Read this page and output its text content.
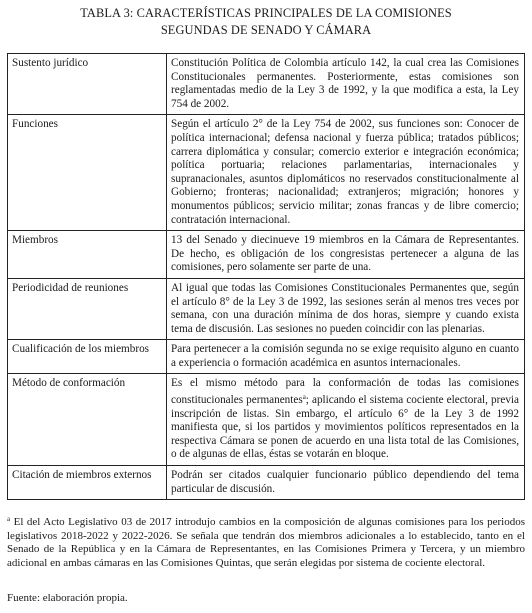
TABLA 3: CARACTERÍSTICAS PRINCIPALES DE LA COMISIONES
SEGUNDAS DE SENADO Y CÁMARA
Sustento jurídico	Constitución Política de Colombia artículo 142, la cual crea las Comisiones Constitucionales permanentes. Posteriormente, estas comisiones son reglamentadas medio de la Ley 3 de 1992, y la que modifica a esta, la Ley 754 de 2002.
Funciones	Según el artículo 2° de la Ley 754 de 2002, sus funciones son: Conocer de política internacional; defensa nacional y fuerza pública; tratados públicos; carrera diplomática y consular; comercio exterior e integración económica; política portuaria; relaciones parlamentarias, internacionales y supranacionales, asuntos diplomáticos no reservados constitucionalmente al Gobierno; fronteras; nacionalidad; extranjeros; migración; honores y monumentos públicos; servicio militar; zonas francas y de libre comercio; contratación internacional.
Miembros	13 del Senado y diecinueve 19 miembros en la Cámara de Representantes. De hecho, es obligación de los congresistas pertenecer a alguna de las comisiones, pero solamente ser parte de una.
Periodicidad de reuniones	Al igual que todas las Comisiones Constitucionales Permanentes que, según el artículo 8° de la Ley 3 de 1992, las sesiones serán al menos tres veces por semana, con una duración mínima de dos horas, siempre y cuando exista tema de discusión. Las sesiones no pueden coincidir con las plenarias.
Cualificación de los miembros	Para pertenecer a la comisión segunda no se exige requisito alguno en cuanto a experiencia o formación académica en asuntos internacionales.
Método de conformación	Es el mismo método para la conformación de todas las comisiones constitucionales permanentes$^a$; aplicando el sistema cociente electoral, previa inscripción de listas. Sin embargo, el artículo 6° de la Ley 3 de 1992 manifiesta que, si los partidos y movimientos políticos representados en la respectiva Cámara se ponen de acuerdo en una lista total de las Comisiones, o de algunas de ellas, éstas se votarán en bloque.
Citación de miembros externos	Podrán ser citados cualquier funcionario público dependiendo del tema particular de discusión.
$^a$ El del Acto Legislativo 03 de 2017 introdujo cambios en la composición de algunas comisiones para los periodos legislativos 2018-2022 y 2022-2026. Se señala que tendrán dos miembros adicionales a lo establecido, tanto en el Senado de la República y en la Cámara de Representantes, en las Comisiones Primera y Tercera, y un miembro adicional en ambas cámaras en las Comisiones Quintas, que serán elegidas por sistema de cociente electoral.
Fuente: elaboración propia.
